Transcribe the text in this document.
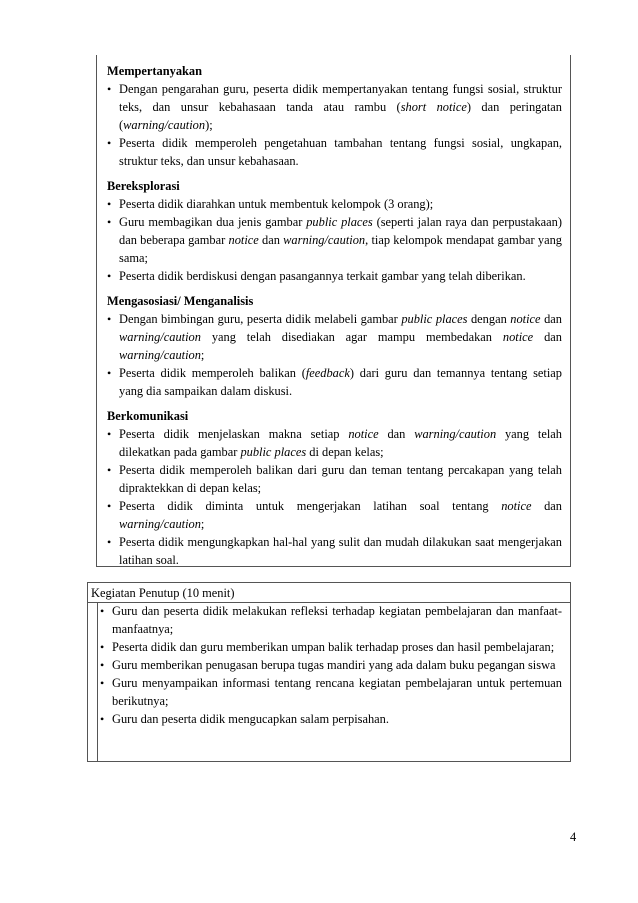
Mempertanyakan
• Dengan pengarahan guru, peserta didik mempertanyakan tentang fungsi sosial, struktur teks, dan unsur kebahasaan tanda atau rambu (short notice) dan peringatan (warning/caution);
• Peserta didik memperoleh pengetahuan tambahan tentang fungsi sosial, ungkapan, struktur teks, dan unsur kebahasaan.
Bereksplorasi
• Peserta didik diarahkan untuk membentuk kelompok (3 orang);
• Guru membagikan dua jenis gambar public places (seperti jalan raya dan perpustakaan) dan beberapa gambar notice dan warning/caution, tiap kelompok mendapat gambar yang sama;
• Peserta didik berdiskusi dengan pasangannya terkait gambar yang telah diberikan.
Mengasosiasi/ Menganalisis
• Dengan bimbingan guru, peserta didik melabeli gambar public places dengan notice dan warning/caution yang telah disediakan agar mampu membedakan notice dan warning/caution;
• Peserta didik memperoleh balikan (feedback) dari guru dan temannya tentang setiap yang dia sampaikan dalam diskusi.
Berkomunikasi
• Peserta didik menjelaskan makna setiap notice dan warning/caution yang telah dilekatkan pada gambar public places di depan kelas;
• Peserta didik memperoleh balikan dari guru dan teman tentang percakapan yang telah dipraktekkan di depan kelas;
• Peserta didik diminta untuk mengerjakan latihan soal tentang notice dan warning/caution;
• Peserta didik mengungkapkan hal-hal yang sulit dan mudah dilakukan saat mengerjakan latihan soal.
Kegiatan Penutup (10 menit)
• Guru dan peserta didik melakukan refleksi terhadap kegiatan pembelajaran dan manfaat-manfaatnya;
• Peserta didik dan guru memberikan umpan balik terhadap proses dan hasil pembelajaran;
• Guru memberikan penugasan berupa tugas mandiri yang ada dalam buku pegangan siswa
• Guru menyampaikan informasi tentang rencana kegiatan pembelajaran untuk pertemuan berikutnya;
• Guru dan peserta didik mengucapkan salam perpisahan.
4
